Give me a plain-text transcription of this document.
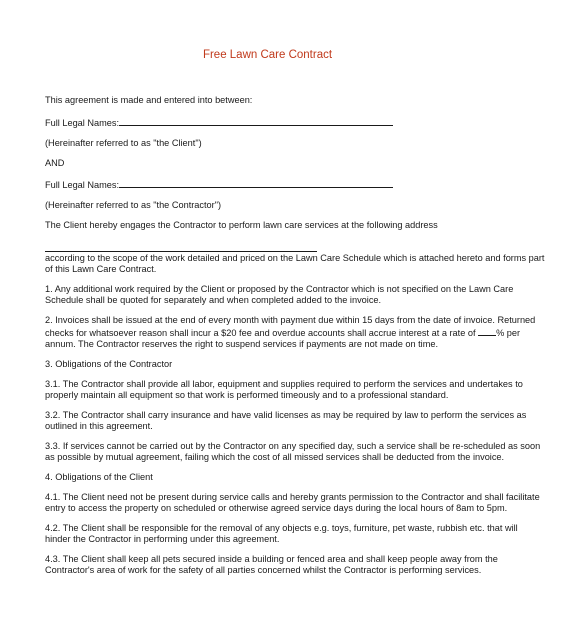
Free Lawn Care Contract

This agreement is made and entered into between:

Full Legal Names:

(Hereinafter referred to as "the Client")

AND

Full Legal Names:

(Hereinafter referred to as "the Contractor")

The Client hereby engages the Contractor to perform lawn care services at the following address

according to the scope of the work detailed and priced on the Lawn Care Schedule which is attached hereto and forms part of this Lawn Care Contract.

1. Any additional work required by the Client or proposed by the Contractor which is not specified on the Lawn Care Schedule shall be quoted for separately and when completed added to the invoice.

2. Invoices shall be issued at the end of every month with payment due within 15 days from the date of invoice. Returned checks for whatsoever reason shall incur a $20 fee and overdue accounts shall accrue interest at a rate of % per annum. The Contractor reserves the right to suspend services if payments are not made on time.

3. Obligations of the Contractor

3.1. The Contractor shall provide all labor, equipment and supplies required to perform the services and undertakes to properly maintain all equipment so that work is performed timeously and to a professional standard.

3.2. The Contractor shall carry insurance and have valid licenses as may be required by law to perform the services as outlined in this agreement.

3.3. If services cannot be carried out by the Contractor on any specified day, such a service shall be re-scheduled as soon as possible by mutual agreement, failing which the cost of all missed services shall be deducted from the invoice.

4. Obligations of the Client

4.1. The Client need not be present during service calls and hereby grants permission to the Contractor and shall facilitate entry to access the property on scheduled or otherwise agreed service days during the local hours of 8am to 5pm.

4.2. The Client shall be responsible for the removal of any objects e.g. toys, furniture, pet waste, rubbish etc. that will hinder the Contractor in performing under this agreement.

4.3. The Client shall keep all pets secured inside a building or fenced area and shall keep people away from the Contractor's area of work for the safety of all parties concerned whilst the Contractor is performing services.
